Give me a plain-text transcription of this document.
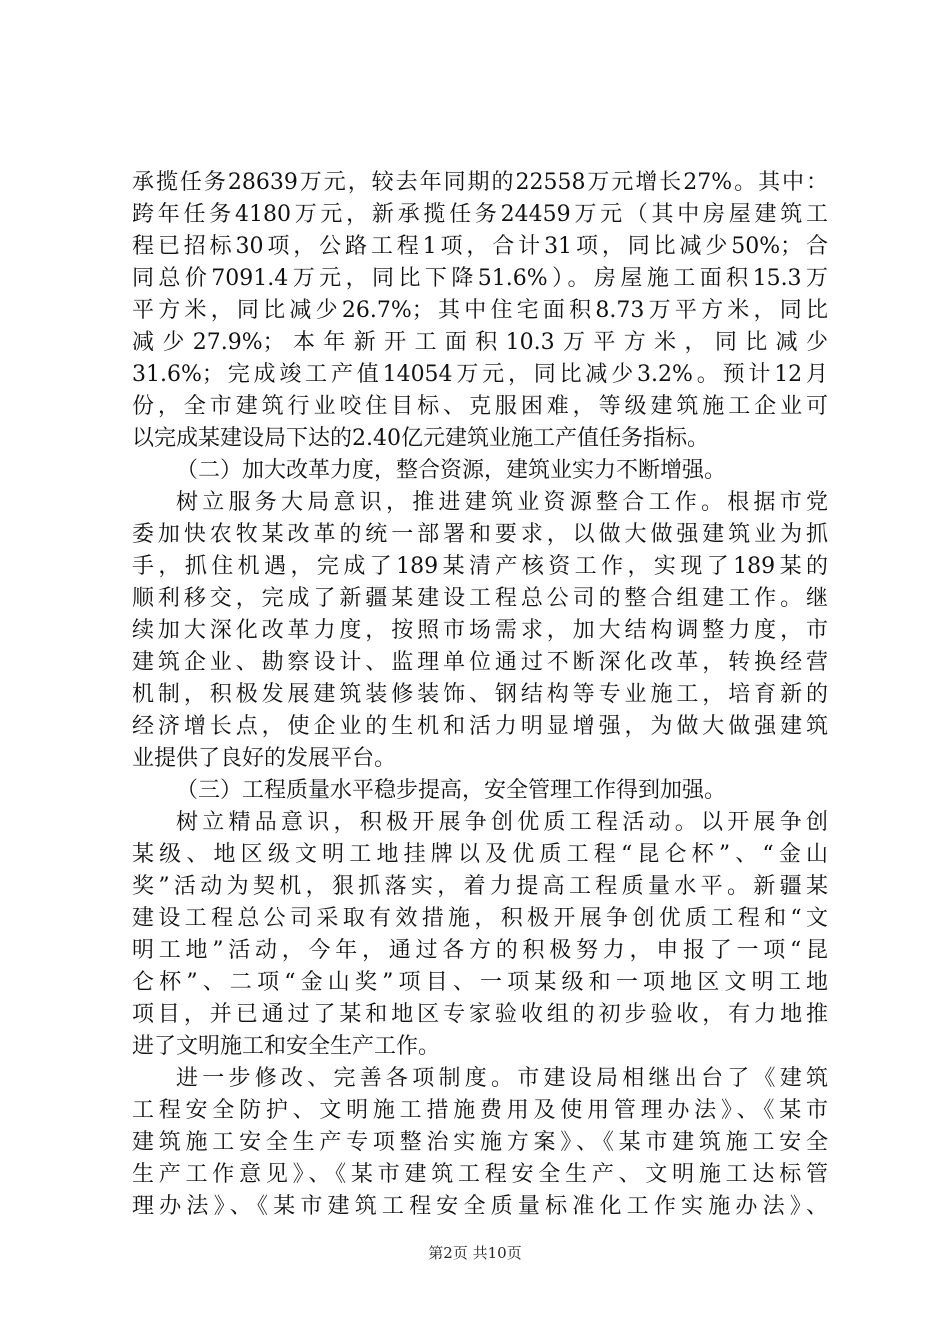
承揽任务28639万元，较去年同期的22558万元增长27%。其中：
跨年任务4180万元，新承揽任务24459万元（其中房屋建筑工
程已招标30项，公路工程1项，合计31项，同比减少50%；合
同总价7091.4万元，同比下降51.6%）。房屋施工面积15.3万
平方米，同比减少26.7%；其中住宅面积8.73万平方米，同比
减少27.9%；本年新开工面积10.3万平方米，同比减少
31.6%；完成竣工产值14054万元，同比减少3.2%。预计12月
份，全市建筑行业咬住目标、克服困难，等级建筑施工企业可
以完成某建设局下达的2.40亿元建筑业施工产值任务指标。
（二）加大改革力度，整合资源，建筑业实力不断增强。
树立服务大局意识，推进建筑业资源整合工作。根据市党
委加快农牧某改革的统一部署和要求，以做大做强建筑业为抓
手，抓住机遇，完成了189某清产核资工作，实现了189某的
顺利移交，完成了新疆某建设工程总公司的整合组建工作。继
续加大深化改革力度，按照市场需求，加大结构调整力度，市
建筑企业、勘察设计、监理单位通过不断深化改革，转换经营
机制，积极发展建筑装修装饰、钢结构等专业施工，培育新的
经济增长点，使企业的生机和活力明显增强，为做大做强建筑
业提供了良好的发展平台。
（三）工程质量水平稳步提高，安全管理工作得到加强。
树立精品意识，积极开展争创优质工程活动。以开展争创
某级、地区级文明工地挂牌以及优质工程“昆仑杯”、“金山
奖”活动为契机，狠抓落实，着力提高工程质量水平。新疆某
建设工程总公司采取有效措施，积极开展争创优质工程和“文
明工地”活动，今年，通过各方的积极努力，申报了一项“昆
仑杯”、二项“金山奖”项目、一项某级和一项地区文明工地
项目，并已通过了某和地区专家验收组的初步验收，有力地推
进了文明施工和安全生产工作。
进一步修改、完善各项制度。市建设局相继出台了《建筑
工程安全防护、文明施工措施费用及使用管理办法》、《某市
建筑施工安全生产专项整治实施方案》、《某市建筑施工安全
生产工作意见》、《某市建筑工程安全生产、文明施工达标管
理办法》、《某市建筑工程安全质量标准化工作实施办法》、
第2页 共10页
